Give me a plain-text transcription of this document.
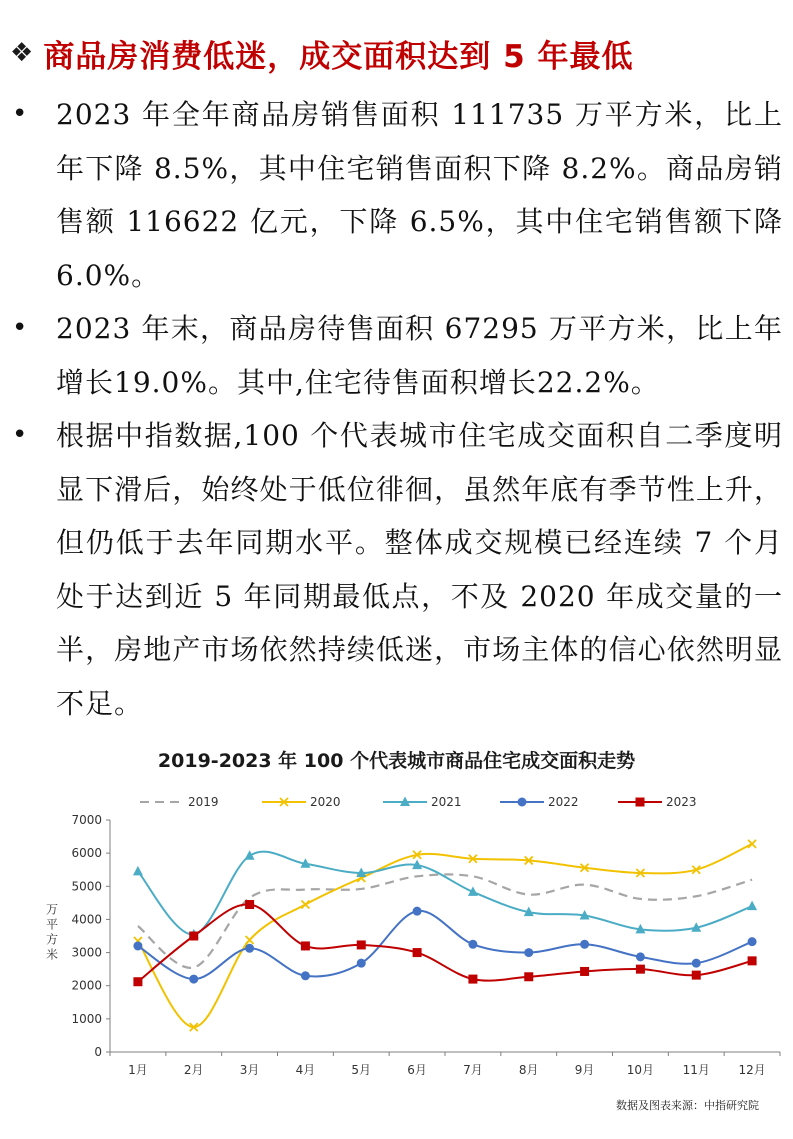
❖ 商品房消费低迷，成交面积达到 5 年最低
• 2023 年全年商品房销售面积 111735 万平方米，比上年下降 8.5%，其中住宅销售面积下降 8.2%。商品房销售额 116622 亿元，下降 6.5%，其中住宅销售额下降 6.0%。
• 2023 年末，商品房待售面积 67295 万平方米，比上年增长19.0%。其中,住宅待售面积增长22.2%。
• 根据中指数据,100 个代表城市住宅成交面积自二季度明显下滑后，始终处于低位徘徊，虽然年底有季节性上升，但仍低于去年同期水平。整体成交规模已经连续 7 个月处于达到近 5 年同期最低点，不及 2020 年成交量的一半，房地产市场依然持续低迷，市场主体的信心依然明显不足。
2019-2023 年 100 个代表城市商品住宅成交面积走势
0
1000
2000
3000
4000
5000
6000
7000
万平方米
1月	2月	3月	4月	5月	6月	7月	8月	9月	10月 11月 12月
2019	2020	2021	2022	2023
数据及图表来源：中指研究院
